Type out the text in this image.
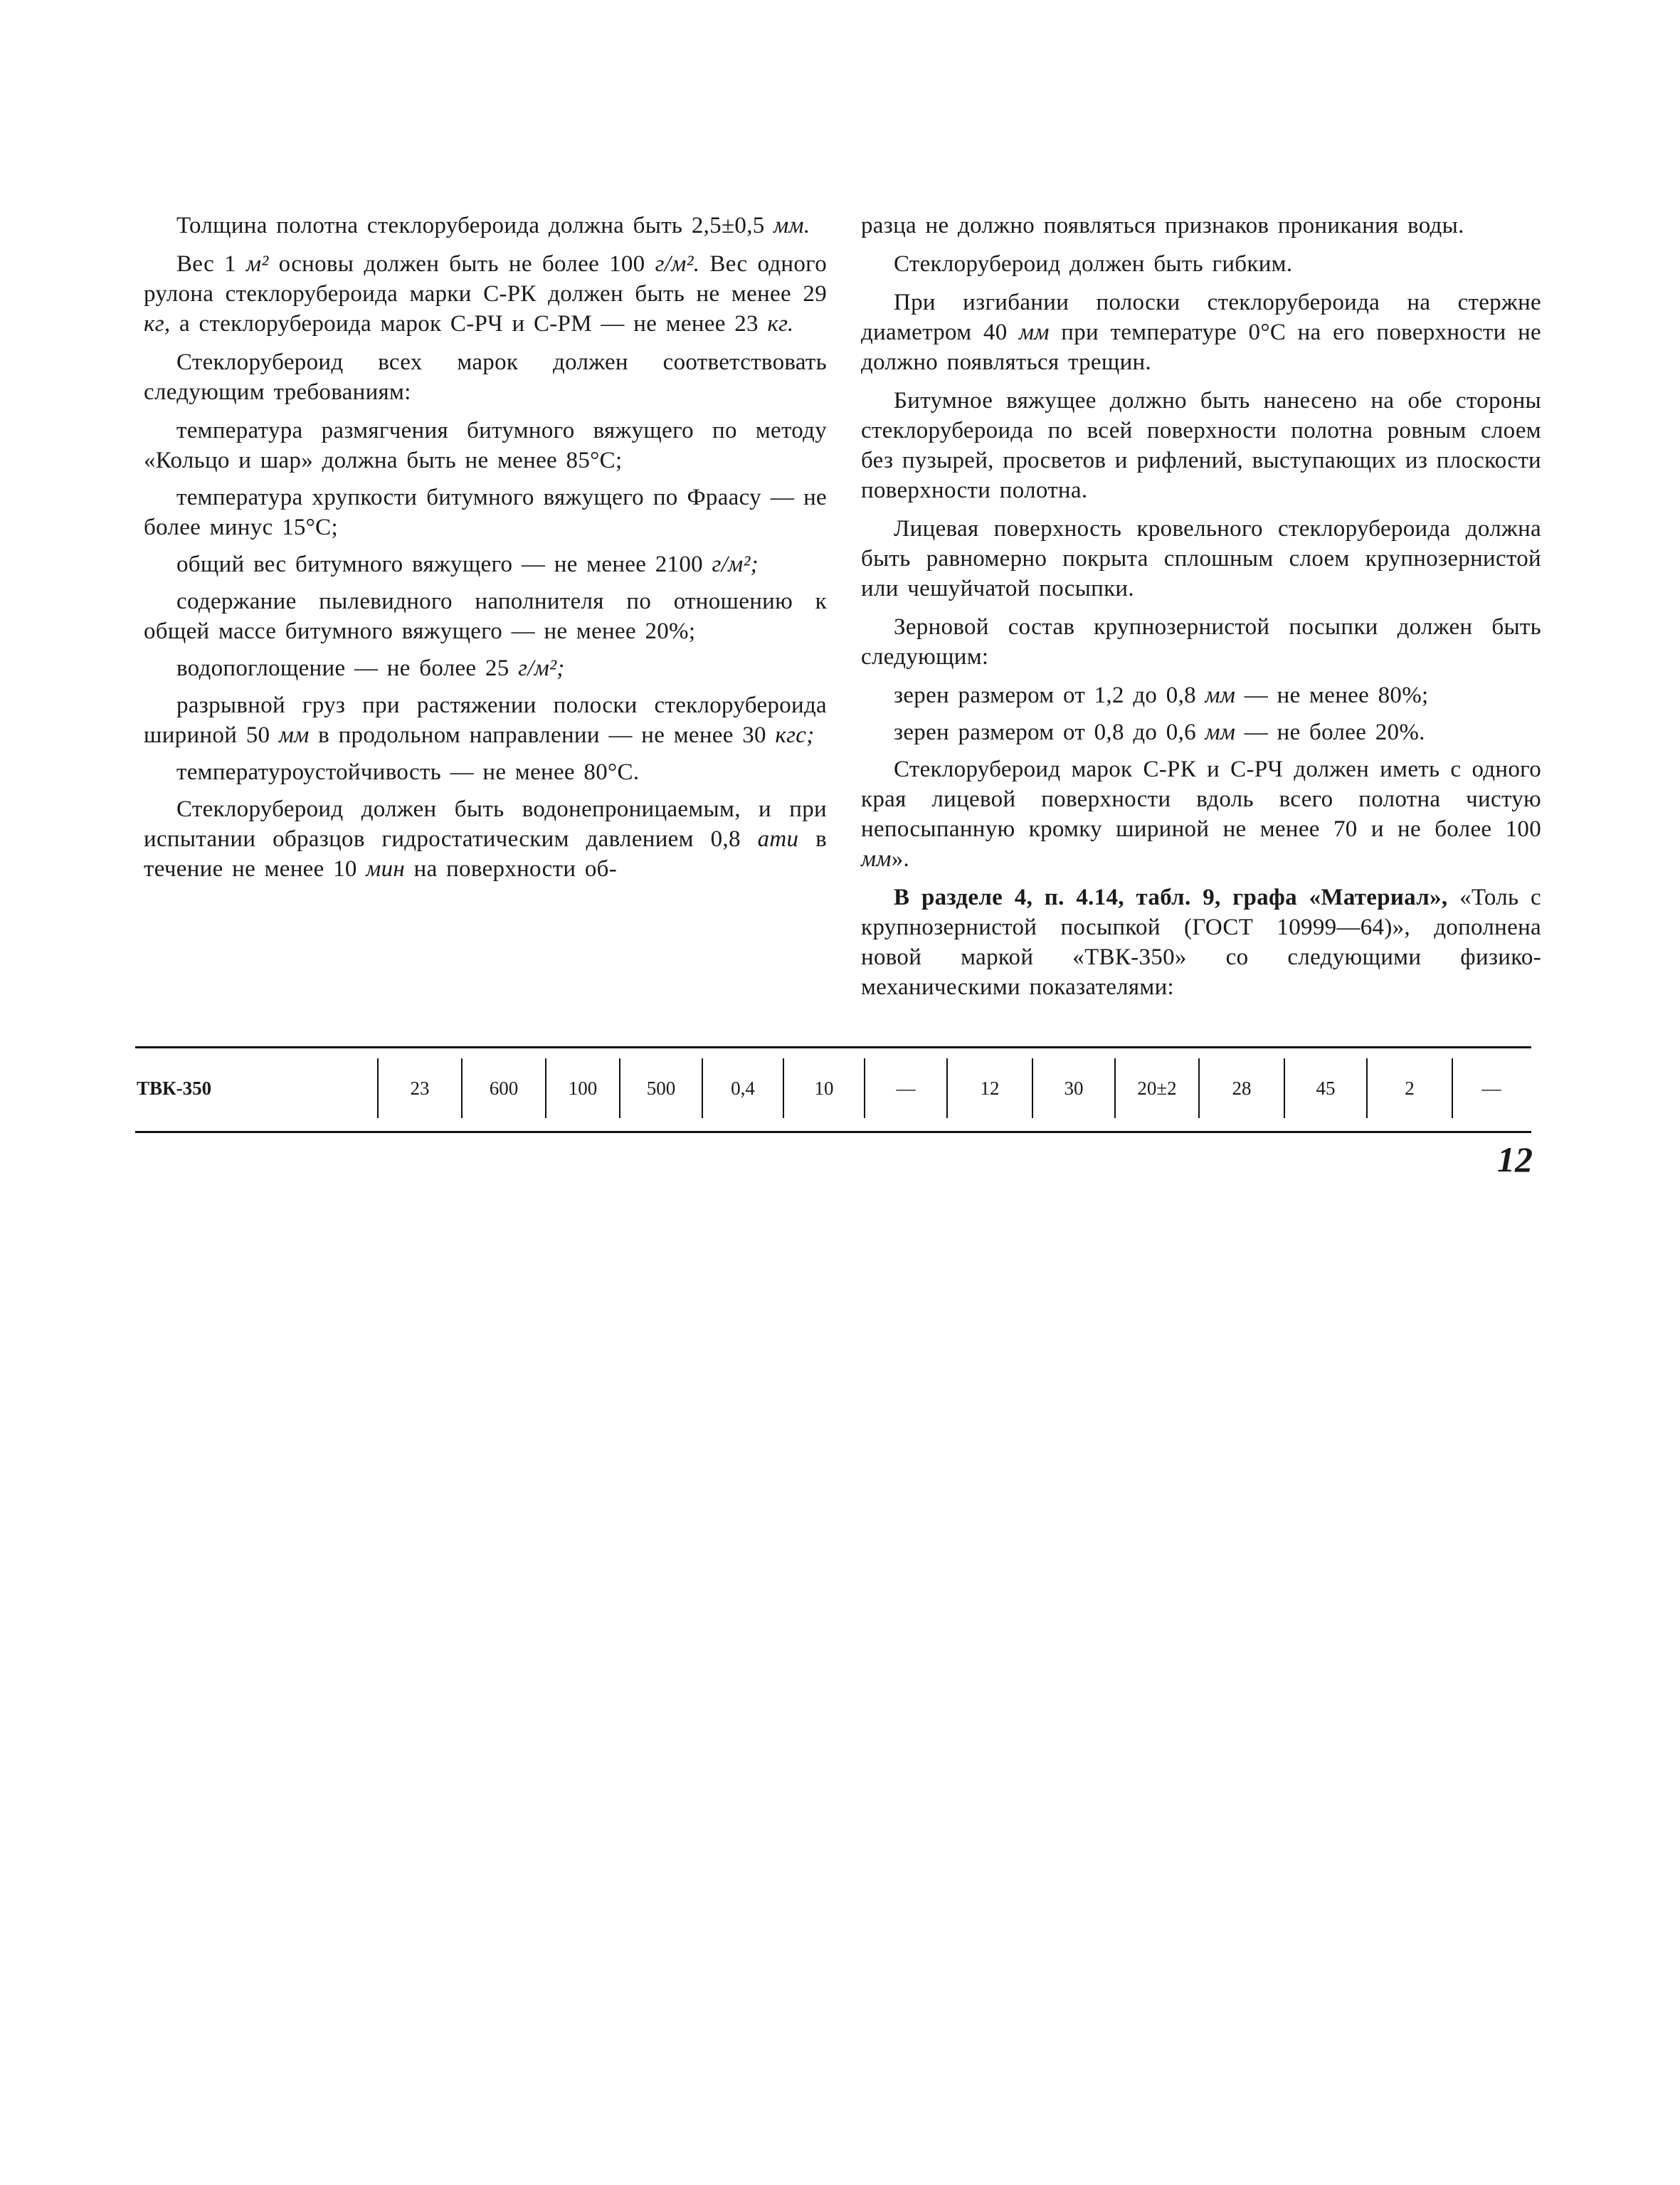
Толщина полотна стеклорубероида должна быть 2,5±0,5 мм.

Вес 1 м² основы должен быть не более 100 г/м². Вес одного рулона стеклорубероида марки С-РК должен быть не менее 29 кг, а стеклорубероида марок С-РЧ и С-РМ — не менее 23 кг.

Стеклорубероид всех марок должен соответствовать следующим требованиям:

температура размягчения битумного вяжущего по методу «Кольцо и шар» должна быть не менее 85°С;

температура хрупкости битумного вяжущего по Фраасу — не более минус 15°С;

общий вес битумного вяжущего — не менее 2100 г/м²;

содержание пылевидного наполнителя по отношению к общей массе битумного вяжущего — не менее 20%;

водопоглощение — не более 25 г/м²;

разрывной груз при растяжении полоски стеклорубероида шириной 50 мм в продольном направлении — не менее 30 кгс;

температуроустойчивость — не менее 80°С.

Стеклорубероид должен быть водонепроницаемым, и при испытании образцов гидростатическим давлением 0,8 ати в течение не менее 10 мин на поверхности об-

разца не должно появляться признаков проникания воды.

Стеклорубероид должен быть гибким.

При изгибании полоски стеклорубероида на стержне диаметром 40 мм при температуре 0°С на его поверхности не должно появляться трещин.

Битумное вяжущее должно быть нанесено на обе стороны стеклорубероида по всей поверхности полотна ровным слоем без пузырей, просветов и рифлений, выступающих из плоскости поверхности полотна.

Лицевая поверхность кровельного стеклорубероида должна быть равномерно покрыта сплошным слоем крупнозернистой или чешуйчатой посыпки.

Зерновой состав крупнозернистой посыпки должен быть следующим:

зерен размером от 1,2 до 0,8 мм — не менее 80%;

зерен размером от 0,8 до 0,6 мм — не более 20%.

Стеклорубероид марок С-РК и С-РЧ должен иметь с одного края лицевой поверхности вдоль всего полотна чистую непосыпанную кромку шириной не менее 70 и не более 100 мм».

В разделе 4, п. 4.14, табл. 9, графа «Материал», «Толь с крупнозернистой посыпкой (ГОСТ 10999—64)», дополнена новой маркой «ТВК-350» со следующими физико-механическими показателями:

ТВК-350	23	600	100	500	0,4	10	—	12	30	20±2	28	45	2	—
12
